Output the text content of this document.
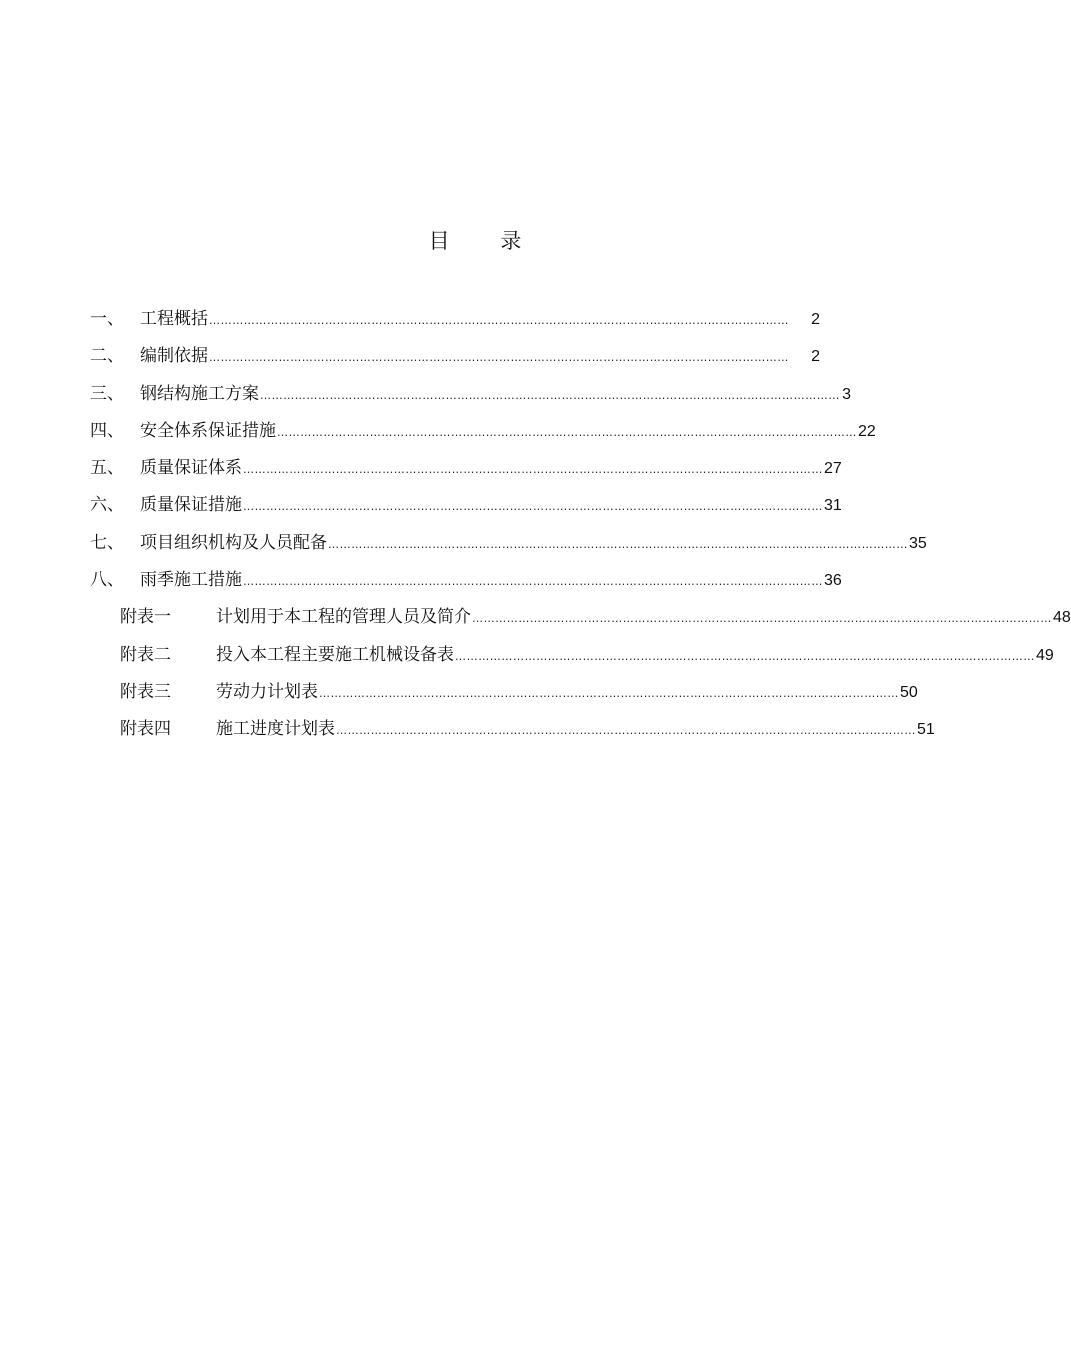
目 录
一、 工程概括 ……………………………………………………………………………………………………………………………………	2
二、 编制依据 ……………………………………………………………………………………………………………………………………	2
三、 钢结构施工方案 …………………………………………………………………………………………………………………………………… 3
四、 安全体系保证措施 …………………………………………………………………………………………………………………………………… 22
五、 质量保证体系 …………………………………………………………………………………………………………………………………… 27
六、 质量保证措施 …………………………………………………………………………………………………………………………………… 31
七、 项目组织机构及人员配备 …………………………………………………………………………………………………………………………………… 35
八、 雨季施工措施 …………………………………………………………………………………………………………………………………… 36
附表一	计划用于本工程的管理人员及简介 …………………………………………………………………………………………………………………………………… 48
附表二	投入本工程主要施工机械设备表 …………………………………………………………………………………………………………………………………… 49
附表三	劳动力计划表 …………………………………………………………………………………………………………………………………… 50
附表四	施工进度计划表 …………………………………………………………………………………………………………………………………… 51
